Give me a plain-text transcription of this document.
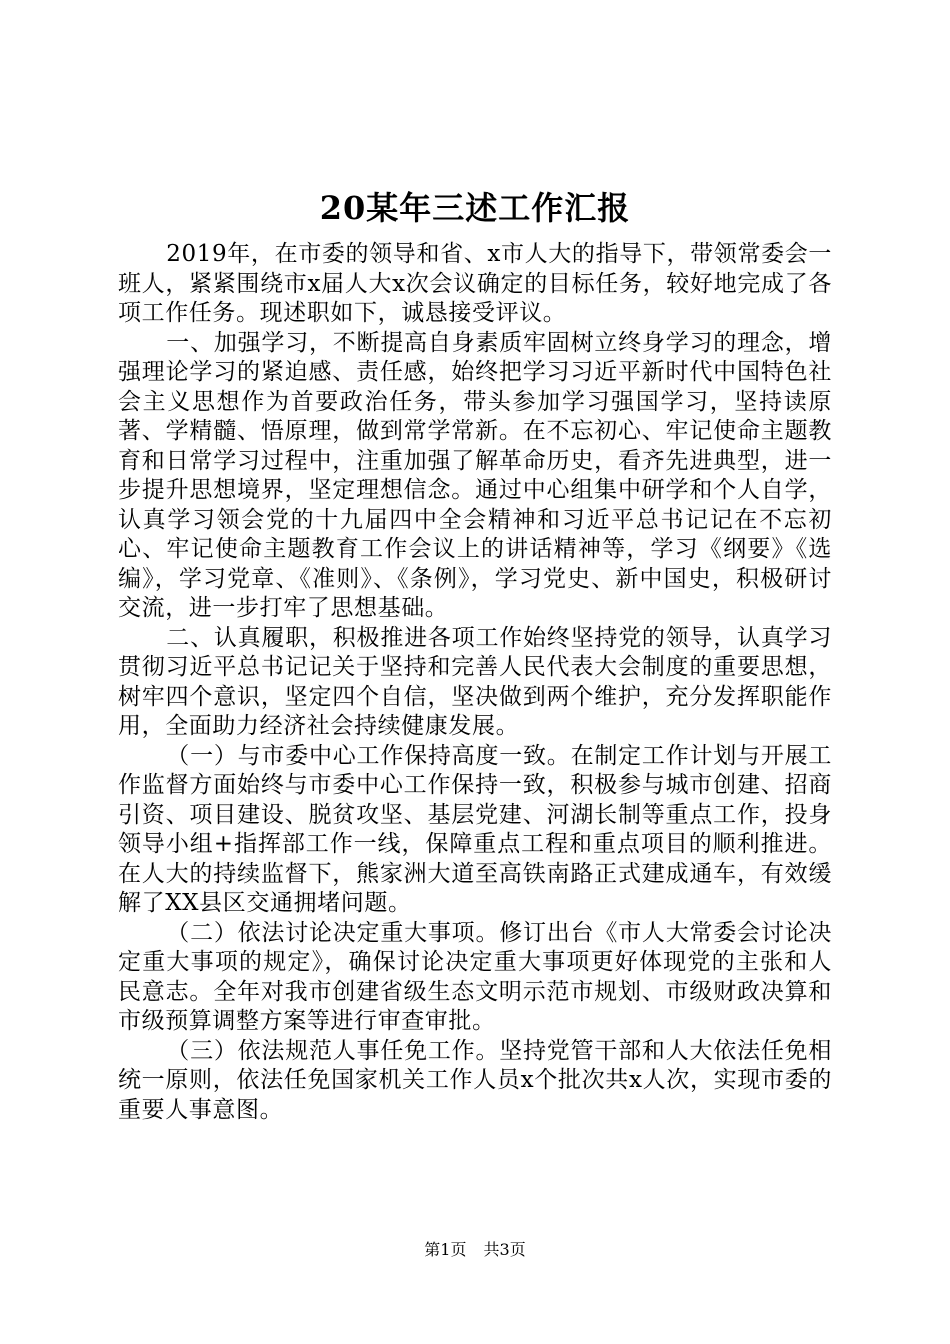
20某年三述工作汇报

2019年，在市委的领导和省、x市人大的指导下，带领常委会一班人，紧紧围绕市x届人大x次会议确定的目标任务，较好地完成了各项工作任务。现述职如下，诚恳接受评议。

一、加强学习，不断提高自身素质牢固树立终身学习的理念，增强理论学习的紧迫感、责任感，始终把学习习近平新时代中国特色社会主义思想作为首要政治任务，带头参加学习强国学习，坚持读原著、学精髓、悟原理，做到常学常新。在不忘初心、牢记使命主题教育和日常学习过程中，注重加强了解革命历史，看齐先进典型，进一步提升思想境界，坚定理想信念。通过中心组集中研学和个人自学，认真学习领会党的十九届四中全会精神和习近平总书记记在不忘初心、牢记使命主题教育工作会议上的讲话精神等，学习《纲要》《选编》，学习党章、《准则》、《条例》，学习党史、新中国史，积极研讨交流，进一步打牢了思想基础。

二、认真履职，积极推进各项工作始终坚持党的领导，认真学习贯彻习近平总书记记关于坚持和完善人民代表大会制度的重要思想，树牢四个意识，坚定四个自信，坚决做到两个维护，充分发挥职能作用，全面助力经济社会持续健康发展。

（一）与市委中心工作保持高度一致。在制定工作计划与开展工作监督方面始终与市委中心工作保持一致，积极参与城市创建、招商引资、项目建设、脱贫攻坚、基层党建、河湖长制等重点工作，投身领导小组+指挥部工作一线，保障重点工程和重点项目的顺利推进。在人大的持续监督下，熊家洲大道至高铁南路正式建成通车，有效缓解了XX县区交通拥堵问题。

（二）依法讨论决定重大事项。修订出台《市人大常委会讨论决定重大事项的规定》，确保讨论决定重大事项更好体现党的主张和人民意志。全年对我市创建省级生态文明示范市规划、市级财政决算和市级预算调整方案等进行审查审批。

（三）依法规范人事任免工作。坚持党管干部和人大依法任免相统一原则，依法任免国家机关工作人员x个批次共x人次，实现市委的重要人事意图。

第1页 共3页
